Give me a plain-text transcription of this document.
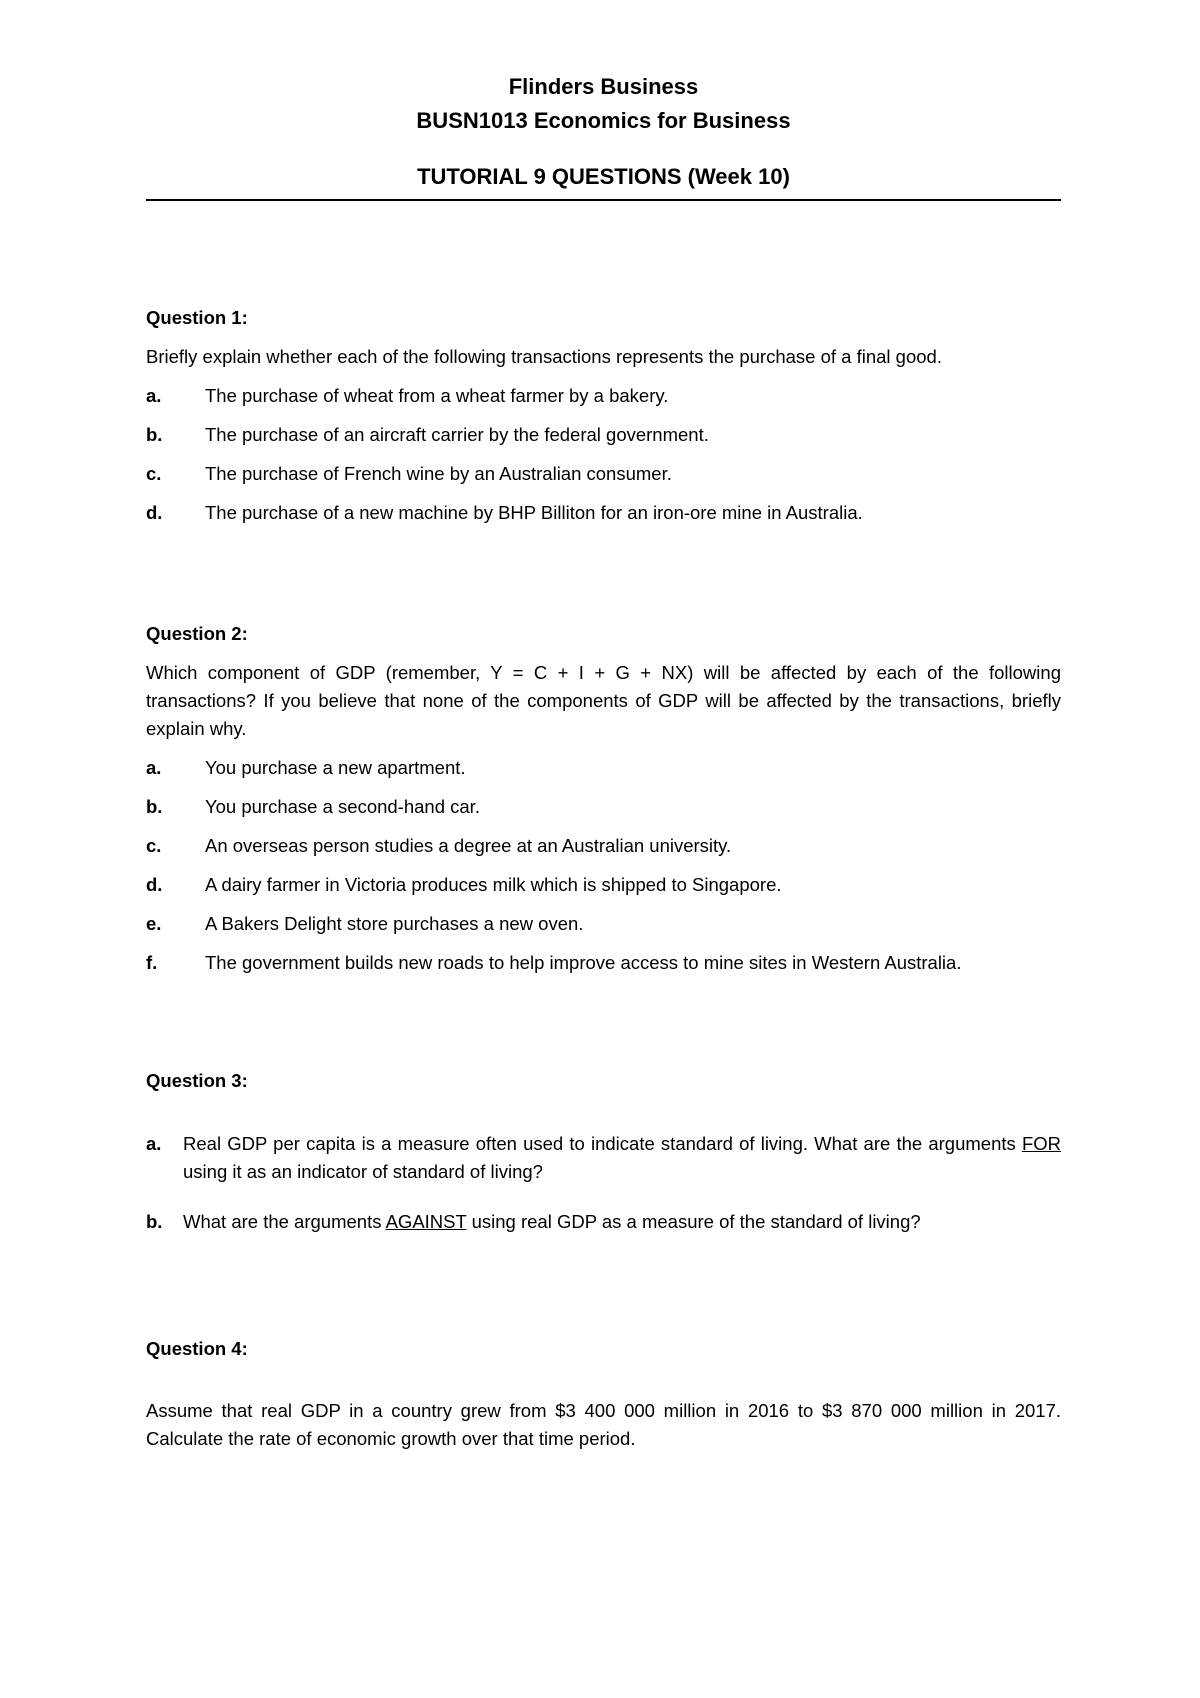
Flinders Business
BUSN1013 Economics for Business
TUTORIAL 9 QUESTIONS (Week 10)
Question 1:
Briefly explain whether each of the following transactions represents the purchase of a final good.
a. The purchase of wheat from a wheat farmer by a bakery.
b. The purchase of an aircraft carrier by the federal government.
c. The purchase of French wine by an Australian consumer.
d. The purchase of a new machine by BHP Billiton for an iron-ore mine in Australia.
Question 2:
Which component of GDP (remember, Y = C + I + G + NX) will be affected by each of the following transactions? If you believe that none of the components of GDP will be affected by the transactions, briefly explain why.
a. You purchase a new apartment.
b. You purchase a second-hand car.
c. An overseas person studies a degree at an Australian university.
d. A dairy farmer in Victoria produces milk which is shipped to Singapore.
e. A Bakers Delight store purchases a new oven.
f.	The government builds new roads to help improve access to mine sites in Western Australia.
Question 3:
a. Real GDP per capita is a measure often used to indicate standard of living. What are the arguments FOR using it as an indicator of standard of living?
b. What are the arguments AGAINST using real GDP as a measure of the standard of living?
Question 4:
Assume that real GDP in a country grew from $3 400 000 million in 2016 to $3 870 000 million in 2017. Calculate the rate of economic growth over that time period.
